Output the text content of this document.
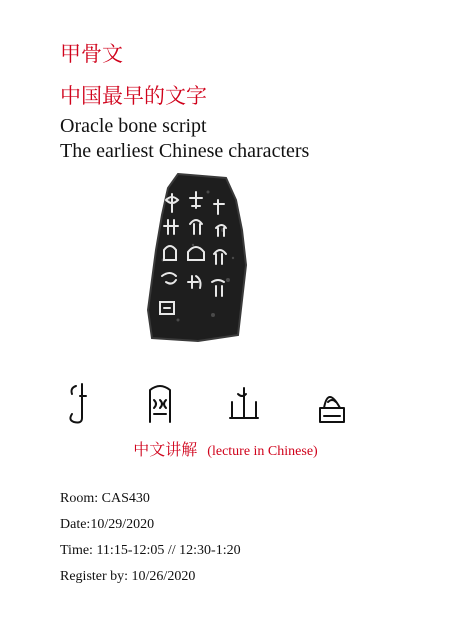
甲骨文
中国最早的文字
Oracle bone script
The earliest Chinese characters
中文讲解 (lecture in Chinese)
Room: CAS430
Date:10/29/2020
Time: 11:15-12:05 // 12:30-1:20
Register by: 10/26/2020
